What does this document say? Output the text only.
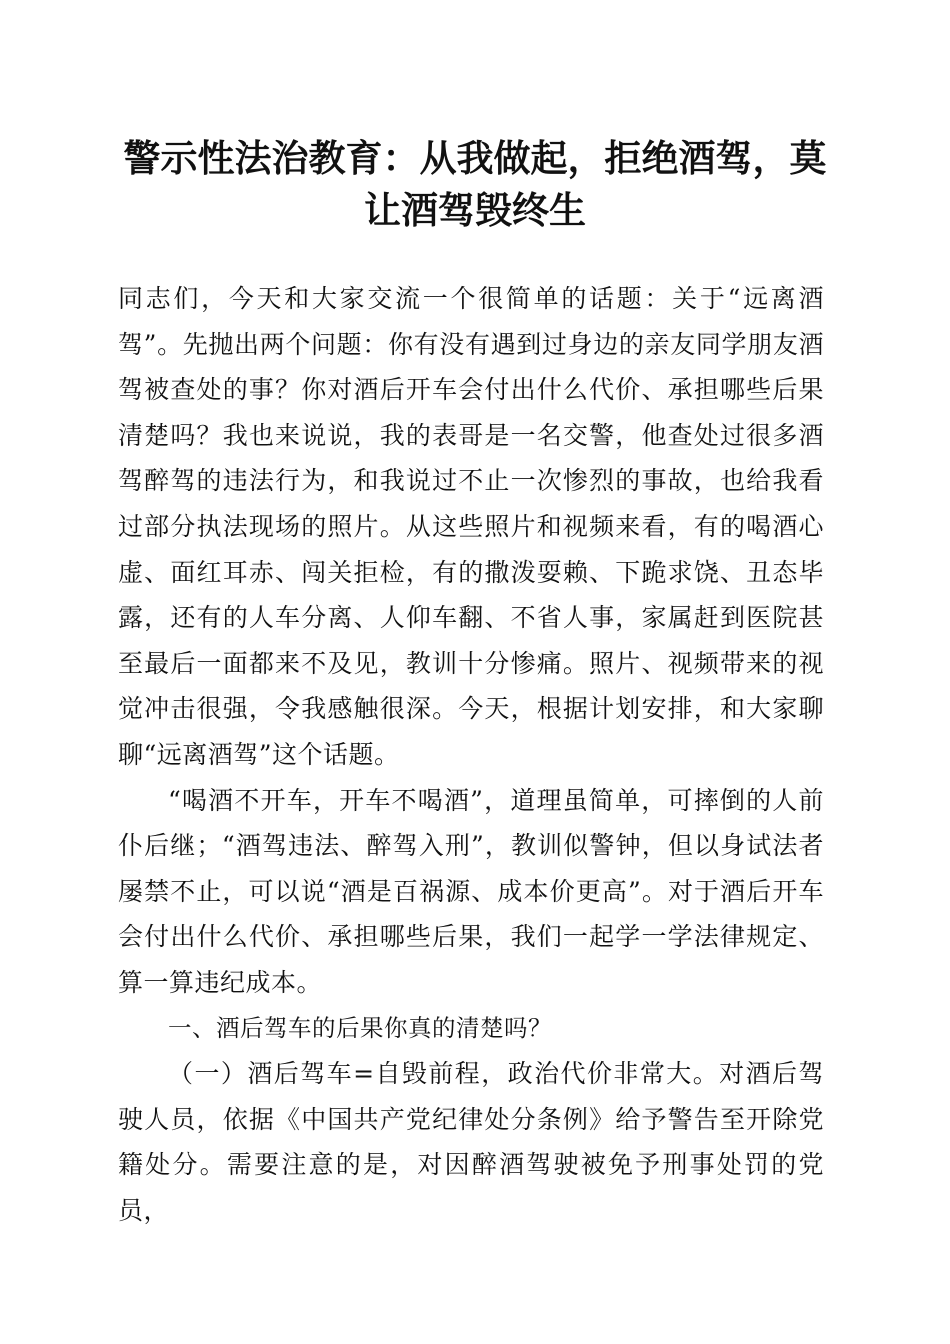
警示性法治教育：从我做起，拒绝酒驾，莫让酒驾毁终生

同志们，今天和大家交流一个很简单的话题：关于“远离酒驾”。先抛出两个问题：你有没有遇到过身边的亲友同学朋友酒驾被查处的事？你对酒后开车会付出什么代价、承担哪些后果清楚吗？我也来说说，我的表哥是一名交警，他查处过很多酒驾醉驾的违法行为，和我说过不止一次惨烈的事故，也给我看过部分执法现场的照片。从这些照片和视频来看，有的喝酒心虚、面红耳赤、闯关拒检，有的撒泼耍赖、下跪求饶、丑态毕露，还有的人车分离、人仰车翻、不省人事，家属赶到医院甚至最后一面都来不及见，教训十分惨痛。照片、视频带来的视觉冲击很强，令我感触很深。今天，根据计划安排，和大家聊聊“远离酒驾”这个话题。

“喝酒不开车，开车不喝酒”，道理虽简单，可摔倒的人前仆后继；“酒驾违法、醉驾入刑”，教训似警钟，但以身试法者屡禁不止，可以说“酒是百祸源、成本价更高”。对于酒后开车会付出什么代价、承担哪些后果，我们一起学一学法律规定、算一算违纪成本。

一、酒后驾车的后果你真的清楚吗？

（一）酒后驾车=自毁前程，政治代价非常大。对酒后驾驶人员，依据《中国共产党纪律处分条例》给予警告至开除党籍处分。需要注意的是，对因醉酒驾驶被免予刑事处罚的党员，
